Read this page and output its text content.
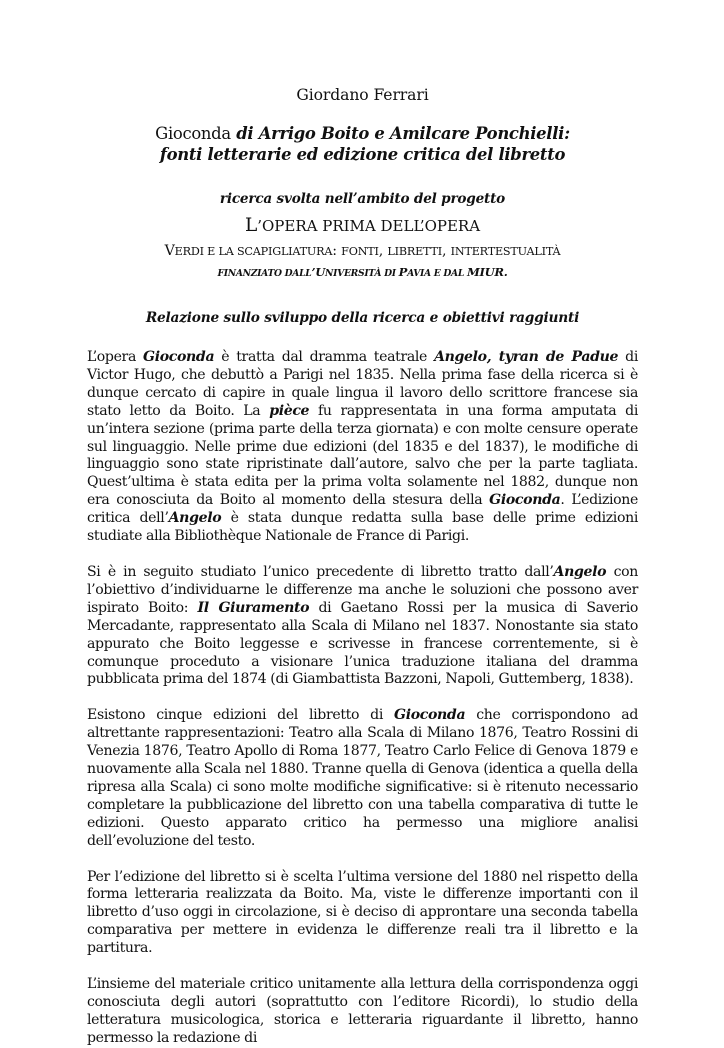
Giordano Ferrari

Gioconda di Arrigo Boito e Amilcare Ponchielli:
fonti letterarie ed edizione critica del libretto

ricerca svolta nell’ambito del progetto

L’OPERA PRIMA DELL’OPERA

VERDI E LA SCAPIGLIATURA: FONTI, LIBRETTI, INTERTESTUALITÀ

FINANZIATO DALL’UNIVERSITÀ DI PAVIA E DAL MIUR.

Relazione sullo sviluppo della ricerca e obiettivi raggiunti

L’opera Gioconda è tratta dal dramma teatrale Angelo, tyran de Padue di Victor Hugo, che debuttò a Parigi nel 1835. Nella prima fase della ricerca si è dunque cercato di capire in quale lingua il lavoro dello scrittore francese sia stato letto da Boito. La pièce fu rappresentata in una forma amputata di un’intera sezione (prima parte della terza giornata) e con molte censure operate sul linguaggio. Nelle prime due edizioni (del 1835 e del 1837), le modifiche di linguaggio sono state ripristinate dall’autore, salvo che per la parte tagliata. Quest’ultima è stata edita per la prima volta solamente nel 1882, dunque non era conosciuta da Boito al momento della stesura della Gioconda. L’edizione critica dell’Angelo è stata dunque redatta sulla base delle prime edizioni studiate alla Bibliothèque Nationale de France di Parigi.

Si è in seguito studiato l’unico precedente di libretto tratto dall’Angelo con l’obiettivo d’individuarne le differenze ma anche le soluzioni che possono aver ispirato Boito: Il Giuramento di Gaetano Rossi per la musica di Saverio Mercadante, rappresentato alla Scala di Milano nel 1837. Nonostante sia stato appurato che Boito leggesse e scrivesse in francese correntemente, si è comunque proceduto a visionare l’unica traduzione italiana del dramma pubblicata prima del 1874 (di Giambattista Bazzoni, Napoli, Guttemberg, 1838).

Esistono cinque edizioni del libretto di Gioconda che corrispondono ad altrettante rappresentazioni: Teatro alla Scala di Milano 1876, Teatro Rossini di Venezia 1876, Teatro Apollo di Roma 1877, Teatro Carlo Felice di Genova 1879 e nuovamente alla Scala nel 1880. Tranne quella di Genova (identica a quella della ripresa alla Scala) ci sono molte modifiche significative: si è ritenuto necessario completare la pubblicazione del libretto con una tabella comparativa di tutte le edizioni. Questo apparato critico ha permesso una migliore analisi dell’evoluzione del testo.

Per l’edizione del libretto si è scelta l’ultima versione del 1880 nel rispetto della forma letteraria realizzata da Boito. Ma, viste le differenze importanti con il libretto d’uso oggi in circolazione, si è deciso di approntare una seconda tabella comparativa per mettere in evidenza le differenze reali tra il libretto e la partitura.

L’insieme del materiale critico unitamente alla lettura della corrispondenza oggi conosciuta degli autori (soprattutto con l’editore Ricordi), lo studio della letteratura musicologica, storica e letteraria riguardante il libretto, hanno permesso la redazione di
